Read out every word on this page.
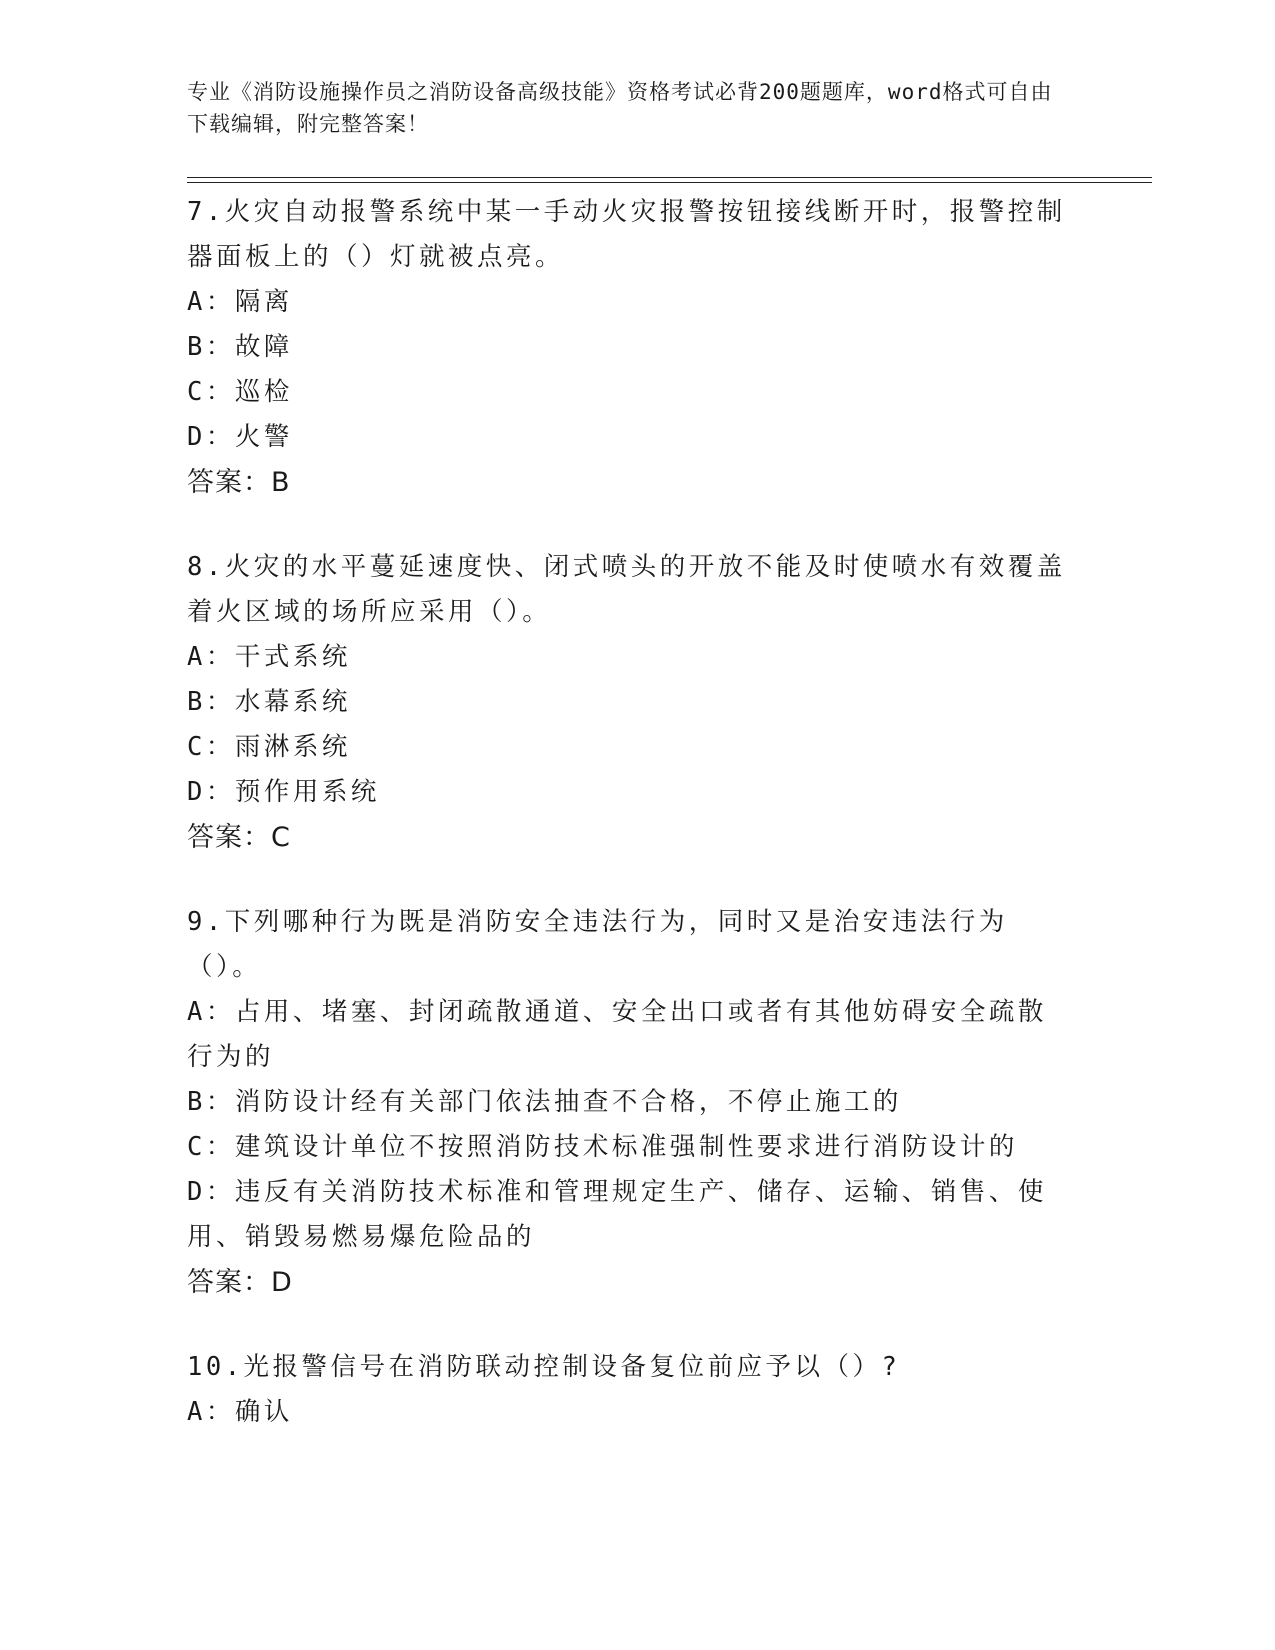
专业《消防设施操作员之消防设备高级技能》资格考试必背200题题库，word格式可自由下载编辑，附完整答案！

7.火灾自动报警系统中某一手动火灾报警按钮接线断开时，报警控制器面板上的（）灯就被点亮。

A：隔离

B：故障

C：巡检

D：火警

答案：B

8.火灾的水平蔓延速度快、闭式喷头的开放不能及时使喷水有效覆盖着火区域的场所应采用（）。

A：干式系统

B：水幕系统

C：雨淋系统

D：预作用系统

答案：C

9.下列哪种行为既是消防安全违法行为，同时又是治安违法行为（）。

A：占用、堵塞、封闭疏散通道、安全出口或者有其他妨碍安全疏散行为的

B：消防设计经有关部门依法抽查不合格，不停止施工的

C：建筑设计单位不按照消防技术标准强制性要求进行消防设计的

D：违反有关消防技术标准和管理规定生产、储存、运输、销售、使用、销毁易燃易爆危险品的

答案：D

10.光报警信号在消防联动控制设备复位前应予以（）?

A：确认
